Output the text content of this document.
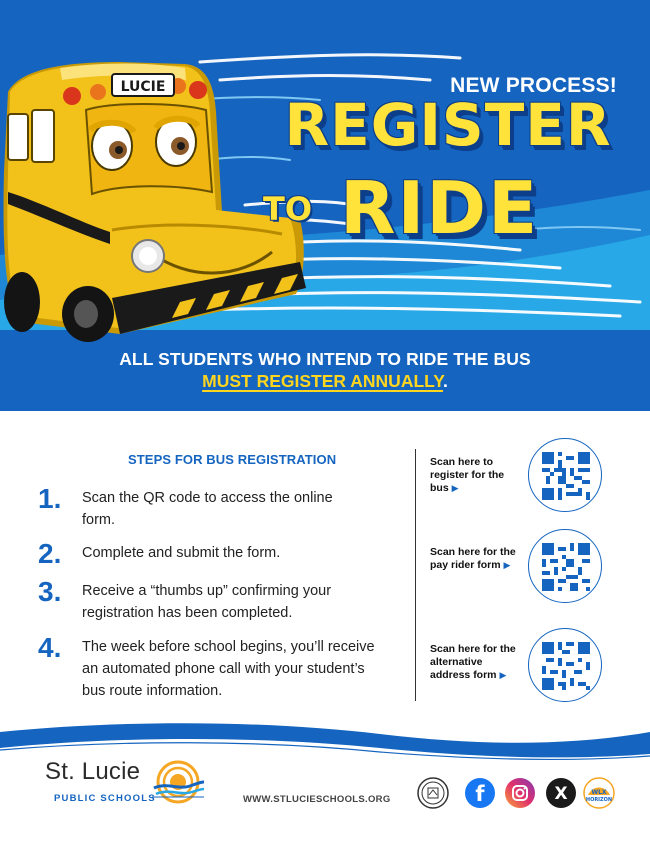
LUCIE	NEW PROCESS!
REGISTER
TO RIDE
ALL STUDENTS WHO INTEND TO RIDE THE BUS
MUST REGISTER ANNUALLY.
STEPS FOR BUS REGISTRATION
1. Scan the QR code to access the online form.
2. Complete and submit the form.
3. Receive a “thumbs up” confirming your registration has been completed.
4. The week before school begins, you’ll receive an automated phone call with your student’s bus route information.
Scan here to register for the bus ▶
Scan here for the pay rider form ▶
Scan here for the alternative address form ▶
St. Lucie
PUBLIC SCHOOLS	WWW.STLUCIESCHOOLS.ORG	f	X	WLX
HORIZON
